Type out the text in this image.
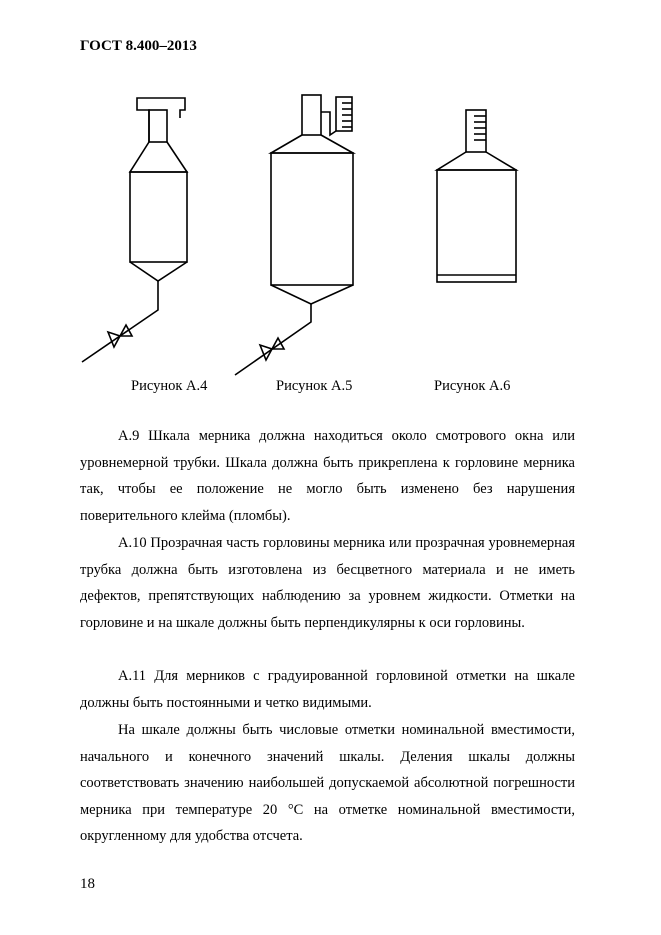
ГОСТ 8.400–2013
Рисунок А.4	Рисунок А.5	Рисунок А.6

А.9 Шкала мерника должна находиться около смотрового окна или уровнемерной трубки. Шкала должна быть прикреплена к горловине мерника так, чтобы ее положение не могло быть изменено без нарушения поверительного клейма (пломбы).

А.10 Прозрачная часть горловины мерника или прозрачная уровнемерная трубка должна быть изготовлена из бесцветного материала и не иметь дефектов, препятствующих наблюдению за уровнем жидкости. Отметки на горловине и на шкале должны быть перпендикулярны к оси горловины.

А.11 Для мерников с градуированной горловиной отметки на шкале должны быть постоянными и четко видимыми.

На шкале должны быть числовые отметки номинальной вместимости, начального и конечного значений шкалы. Деления шкалы должны соответствовать значению наибольшей допускаемой абсолютной погрешности мерника при температуре 20 °С на отметке номинальной вместимости, округленному для удобства отсчета.

18
